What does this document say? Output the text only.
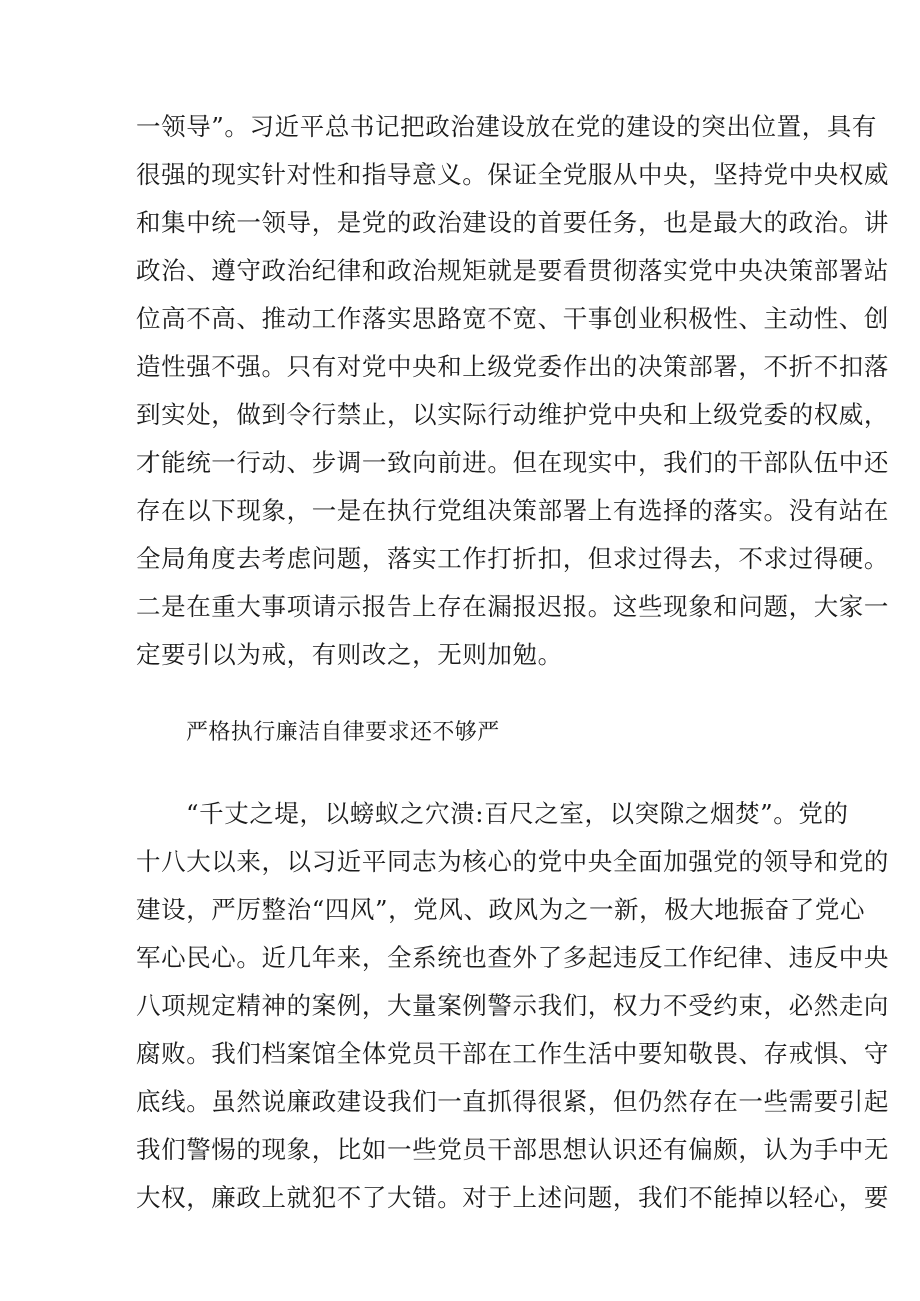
一领导”。习近平总书记把政治建设放在党的建设的突出位置，具有
很强的现实针对性和指导意义。保证全党服从中央，坚持党中央权威
和集中统一领导，是党的政治建设的首要任务，也是最大的政治。讲
政治、遵守政治纪律和政治规矩就是要看贯彻落实党中央决策部署站
位高不高、推动工作落实思路宽不宽、干事创业积极性、主动性、创
造性强不强。只有对党中央和上级党委作出的决策部署，不折不扣落
到实处，做到令行禁止，以实际行动维护党中央和上级党委的权威，
才能统一行动、步调一致向前进。但在现实中，我们的干部队伍中还
存在以下现象，一是在执行党组决策部署上有选择的落实。没有站在
全局角度去考虑问题，落实工作打折扣，但求过得去，不求过得硬。
二是在重大事项请示报告上存在漏报迟报。这些现象和问题，大家一
定要引以为戒，有则改之，无则加勉。
严格执行廉洁自律要求还不够严
“千丈之堤，以螃蚁之穴溃:百尺之室，以突隙之烟焚”。党的
十八大以来，以习近平同志为核心的党中央全面加强党的领导和党的
建设，严厉整治“四风”，党风、政风为之一新，极大地振奋了党心
军心民心。近几年来，全系统也查外了多起违反工作纪律、违反中央
八项规定精神的案例，大量案例警示我们，权力不受约束，必然走向
腐败。我们档案馆全体党员干部在工作生活中要知敬畏、存戒惧、守
底线。虽然说廉政建设我们一直抓得很紧，但仍然存在一些需要引起
我们警惕的现象，比如一些党员干部思想认识还有偏颇，认为手中无
大权，廉政上就犯不了大错。对于上述问题，我们不能掉以轻心，要
